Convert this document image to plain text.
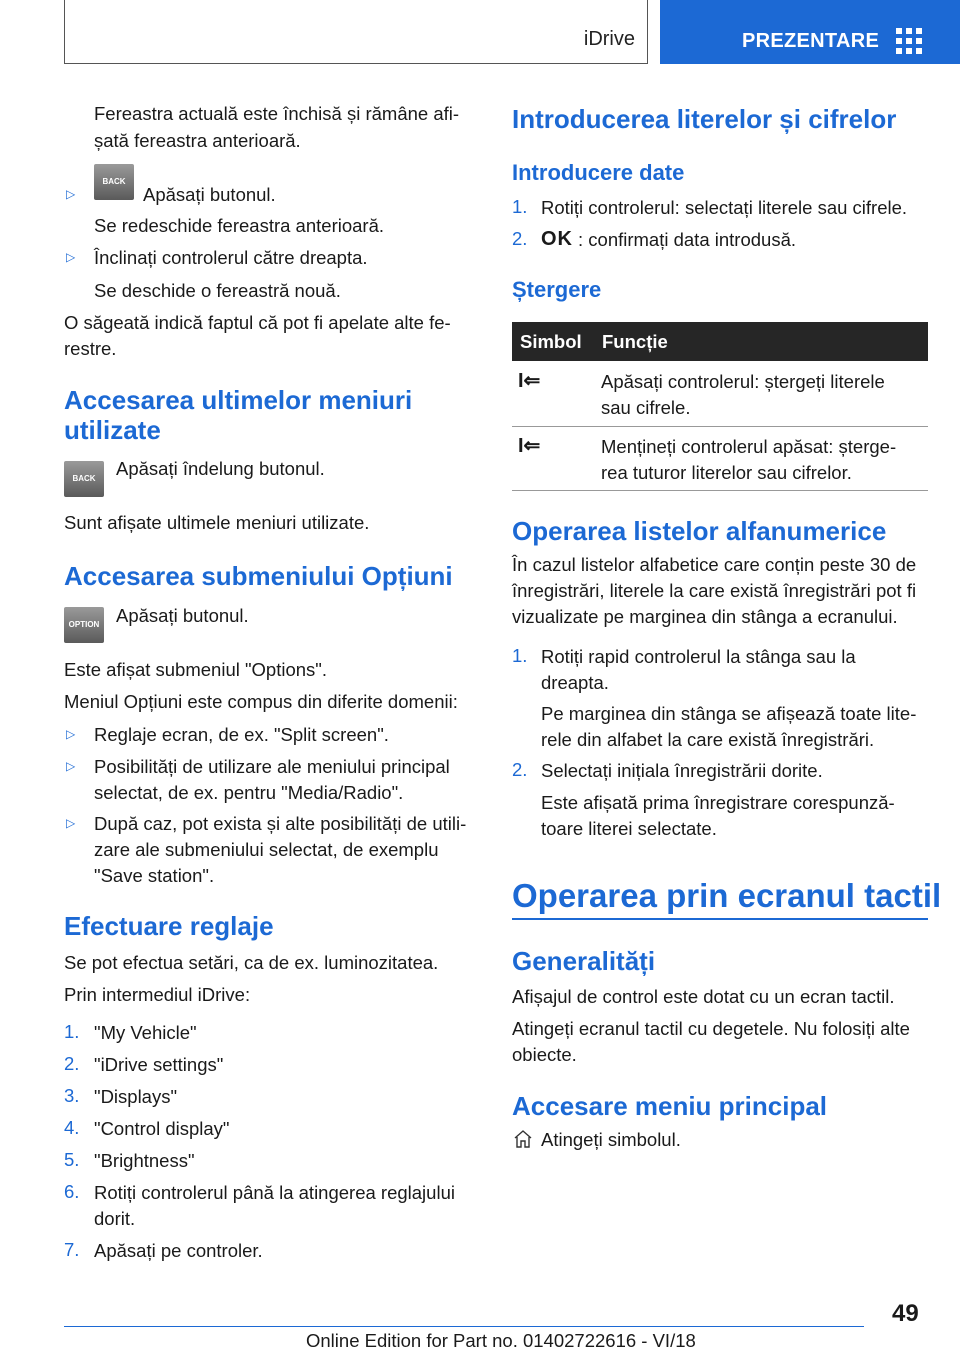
iDrive	PREZENTARE
Fereastra actuală este închisă și rămâne afi-
șată fereastra anterioară.
▷
BACK
Apăsați butonul.
Se redeschide fereastra anterioară.
▷ Înclinați controlerul către dreapta.
Se deschide o fereastră nouă.
O săgeată indică faptul că pot fi apelate alte fe-
restre.
Accesarea ultimelor meniuri
utilizate
BACK	Apăsați îndelung butonul.
Sunt afișate ultimele meniuri utilizate.
Accesarea submeniului Opțiuni
OPTION Apăsați butonul.
Este afișat submeniul "Options".
Meniul Opțiuni este compus din diferite domenii:
▷ Reglaje ecran, de ex. "Split screen".
▷ Posibilități de utilizare ale meniului principal
selectat, de ex. pentru "Media/Radio".
▷ După caz, pot exista și alte posibilități de utili-
zare ale submeniului selectat, de exemplu
"Save station".
Efectuare reglaje
Se pot efectua setări, ca de ex. luminozitatea.
Prin intermediul iDrive:
1. "My Vehicle"
2. "iDrive settings"
3. "Displays"
4. "Control display"
5. "Brightness"
6. Rotiți controlerul până la atingerea reglajului
dorit.
7. Apăsați pe controler.
Introducerea literelor și cifrelor
Introducere date
1. Rotiți controlerul: selectați literele sau cifrele.
2. OK : confirmați data introdusă.
Ștergere
Simbol Funcție
I⇐	Apăsați controlerul: ștergeți literele
sau cifrele.
I⇐	Mențineți controlerul apăsat: șterge-
rea tuturor literelor sau cifrelor.
Operarea listelor alfanumerice
În cazul listelor alfabetice care conțin peste 30 de
înregistrări, literele la care există înregistrări pot fi
vizualizate pe marginea din stânga a ecranului.
1. Rotiți rapid controlerul la stânga sau la
dreapta.
Pe marginea din stânga se afișează toate lite-
rele din alfabet la care există înregistrări.
2. Selectați inițiala înregistrării dorite.
Este afișată prima înregistrare corespunză-
toare literei selectate.
Operarea prin ecranul tactil
Generalități
Afișajul de control este dotat cu un ecran tactil.
Atingeți ecranul tactil cu degetele. Nu folosiți alte
obiecte.
Accesare meniu principal
Atingeți simbolul.
49
Online Edition for Part no. 01402722616 - VI/18
